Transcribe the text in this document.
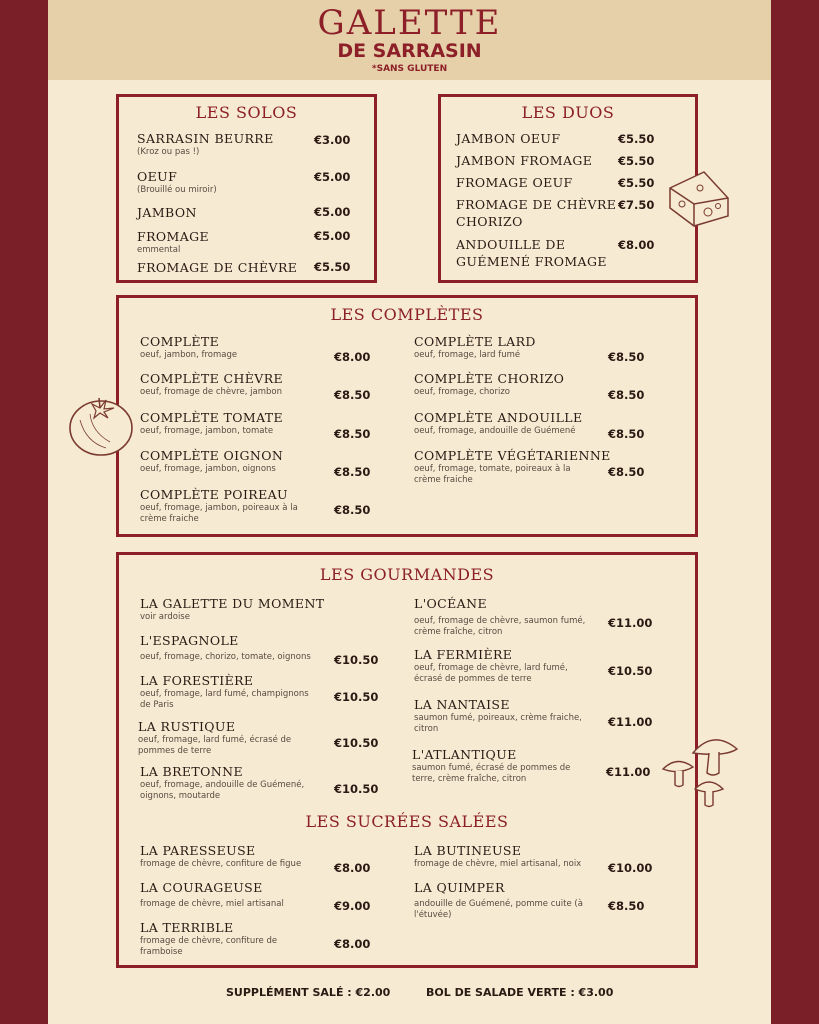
GALETTE
DE SARRASIN
*SANS GLUTEN
LES SOLOS
SARRASIN BEURRE
(Kroz ou pas !)
€3.00
OEUF
(Brouillé ou miroir)
€5.00
JAMBON	€5.00
FROMAGE
emmental
€5.00
FROMAGE DE CHÈVRE €5.50
LES DUOS
JAMBON OEUF	€5.50
JAMBON FROMAGE €5.50
FROMAGE OEUF	€5.50
FROMAGE DE CHÈVRE CHORIZO
€7.50
ANDOUILLE DE GUÉMENÉ FROMAGE
€8.00
LES COMPLÈTES
COMPLÈTE
oeuf, jambon, fromage	€8.00
COMPLÈTE CHÈVRE
oeuf, fromage de chèvre, jambon	€8.50
COMPLÈTE TOMATE
oeuf, fromage, jambon, tomate	€8.50
COMPLÈTE OIGNON
oeuf, fromage, jambon, oignons	€8.50
COMPLÈTE POIREAU
oeuf, fromage, jambon, poireaux à la crème fraiche
€8.50
COMPLÈTE LARD
oeuf, fromage, lard fumé	€8.50
COMPLÈTE CHORIZO
oeuf, fromage, chorizo	€8.50
COMPLÈTE ANDOUILLE
oeuf, fromage, andouille de Guémené	€8.50
COMPLÈTE VÉGÉTARIENNE
oeuf, fromage, tomate, poireaux à la crème fraiche
€8.50
LES GOURMANDES
LA GALETTE DU MOMENT
voir ardoise
L'ESPAGNOLE
oeuf, fromage, chorizo, tomate, oignons	€10.50
LA FORESTIÈRE
oeuf, fromage, lard fumé, champignons de Paris
€10.50
LA RUSTIQUE
oeuf, fromage, lard fumé, écrasé de pommes de terre
€10.50
LA BRETONNE
oeuf, fromage, andouille de Guémené, oignons, moutarde	€10.50
L'OCÉANE
oeuf, fromage de chèvre, saumon fumé, crème fraîche, citron
€11.00
LA FERMIÈRE
oeuf, fromage de chèvre, lard fumé, écrasé de pommes de terre
€10.50
LA NANTAISE
saumon fumé, poireaux, crème fraiche, citron	€11.00
L'ATLANTIQUE
saumon fumé, écrasé de pommes de terre, crème fraîche, citron	€11.00
LES SUCRÉES SALÉES
LA PARESSEUSE
fromage de chèvre, confiture de figue	€8.00
LA COURAGEUSE
fromage de chèvre, miel artisanal	€9.00
LA TERRIBLE
fromage de chèvre, confiture de framboise
€8.00
LA BUTINEUSE
fromage de chèvre, miel artisanal, noix	€10.00
LA QUIMPER
andouille de Guémené, pomme cuite (à l'étuvée)
€8.50
SUPPLÉMENT SALÉ : €2.00	BOL DE SALADE VERTE : €3.00
